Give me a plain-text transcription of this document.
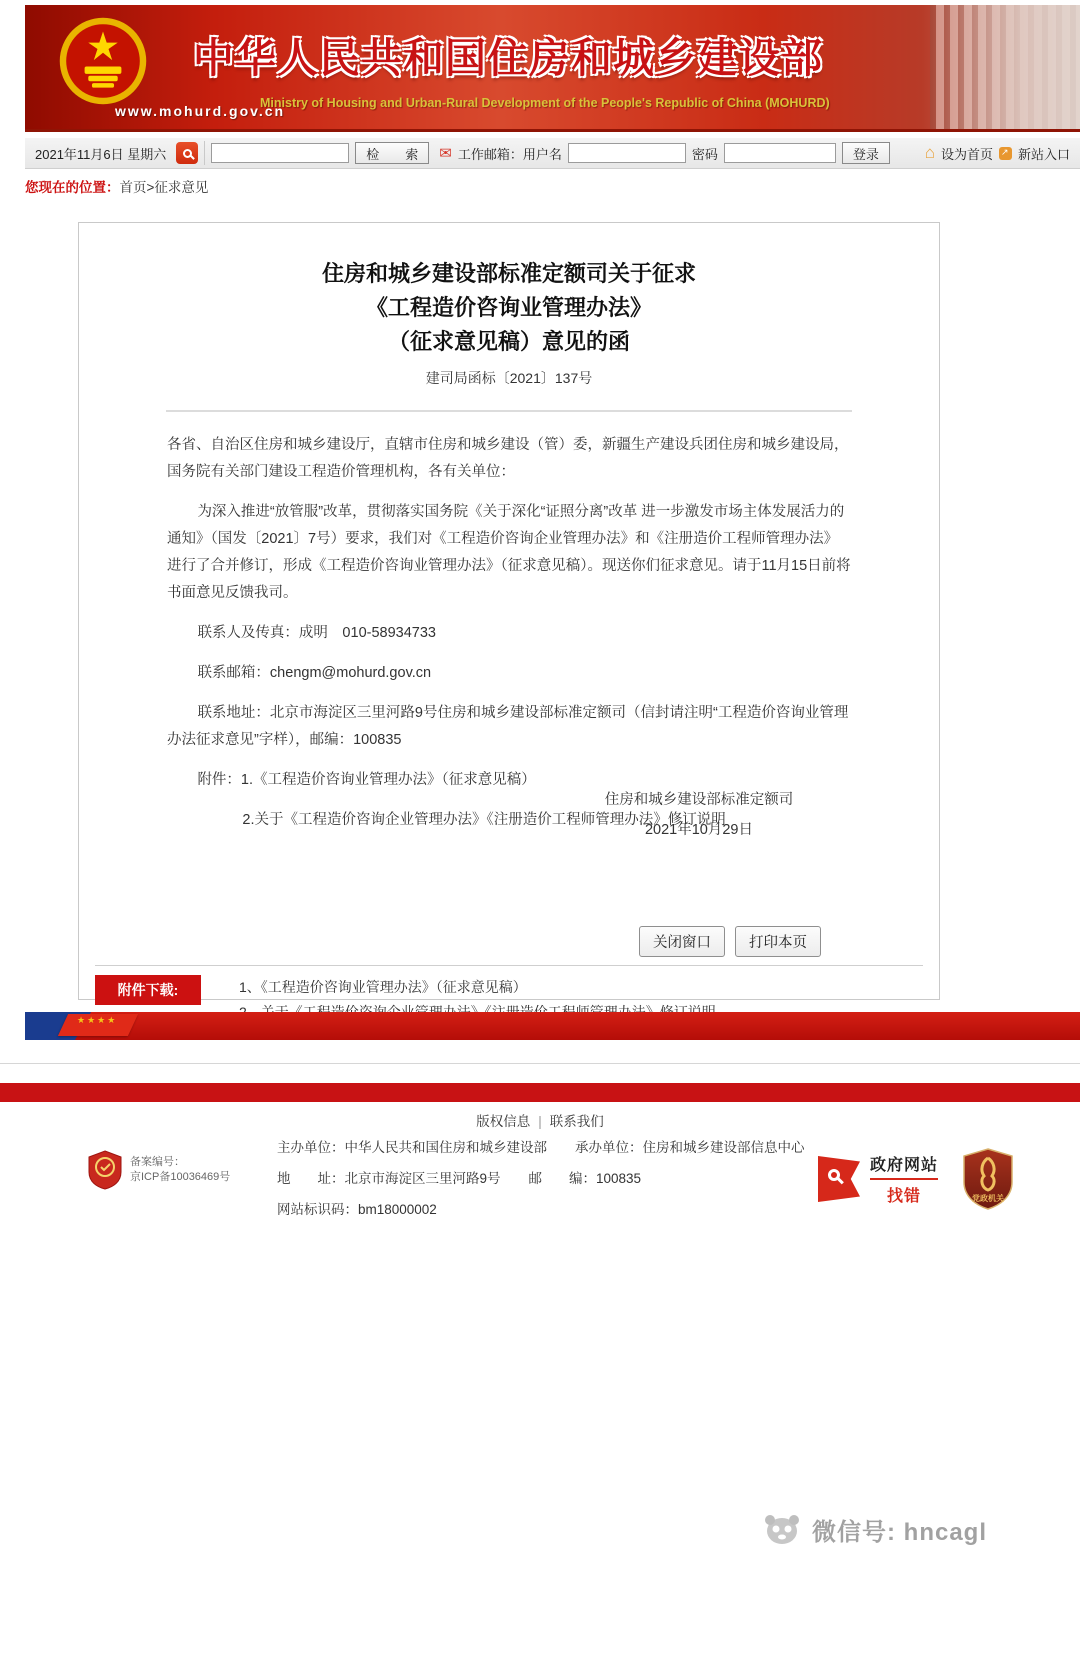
中华人民共和国住房和城乡建设部
Ministry of Housing and Urban-Rural Development of the People's Republic of China (MOHURD)
www.mohurd.gov.cn
2021年11月6日 星期六	检　　索	✉ 工作邮箱：用户名	密码	登录	⌂ 设为首页 ↗ 新站入口
您现在的位置：首页>征求意见
住房和城乡建设部标准定额司关于征求
《工程造价咨询业管理办法》
（征求意见稿）意见的函
建司局函标〔2021〕137号

各省、自治区住房和城乡建设厅，直辖市住房和城乡建设（管）委，新疆生产建设兵团住房和城乡建设局，国务院有关部门建设工程造价管理机构，各有关单位：

为深入推进“放管服”改革，贯彻落实国务院《关于深化“证照分离”改革 进一步激发市场主体发展活力的通知》（国发〔2021〕7号）要求，我们对《工程造价咨询企业管理办法》和《注册造价工程师管理办法》进行了合并修订，形成《工程造价咨询业管理办法》（征求意见稿）。现送你们征求意见。请于11月15日前将书面意见反馈我司。

联系人及传真：成明　010-58934733

联系邮箱：chengm@mohurd.gov.cn

联系地址：北京市海淀区三里河路9号住房和城乡建设部标准定额司（信封请注明“工程造价咨询业管理办法征求意见”字样），邮编：100835

附件：1.《工程造价咨询业管理办法》（征求意见稿）

2.关于《工程造价咨询企业管理办法》《注册造价工程师管理办法》修订说明

住房和城乡建设部标准定额司
2021年10月29日
关闭窗口	打印本页
附件下载:	1、《工程造价咨询业管理办法》（征求意见稿）
★★★★
版权信息 | 联系我们
主办单位：中华人民共和国住房和城乡建设部 承办单位：住房和城乡建设部信息中心
地　　址：北京市海淀区三里河路9号 邮　　编：100835
网站标识码：bm18000002
备案编号：
京ICP备10036469号
政府网站
找错	党政机关
微信号: hncagl
